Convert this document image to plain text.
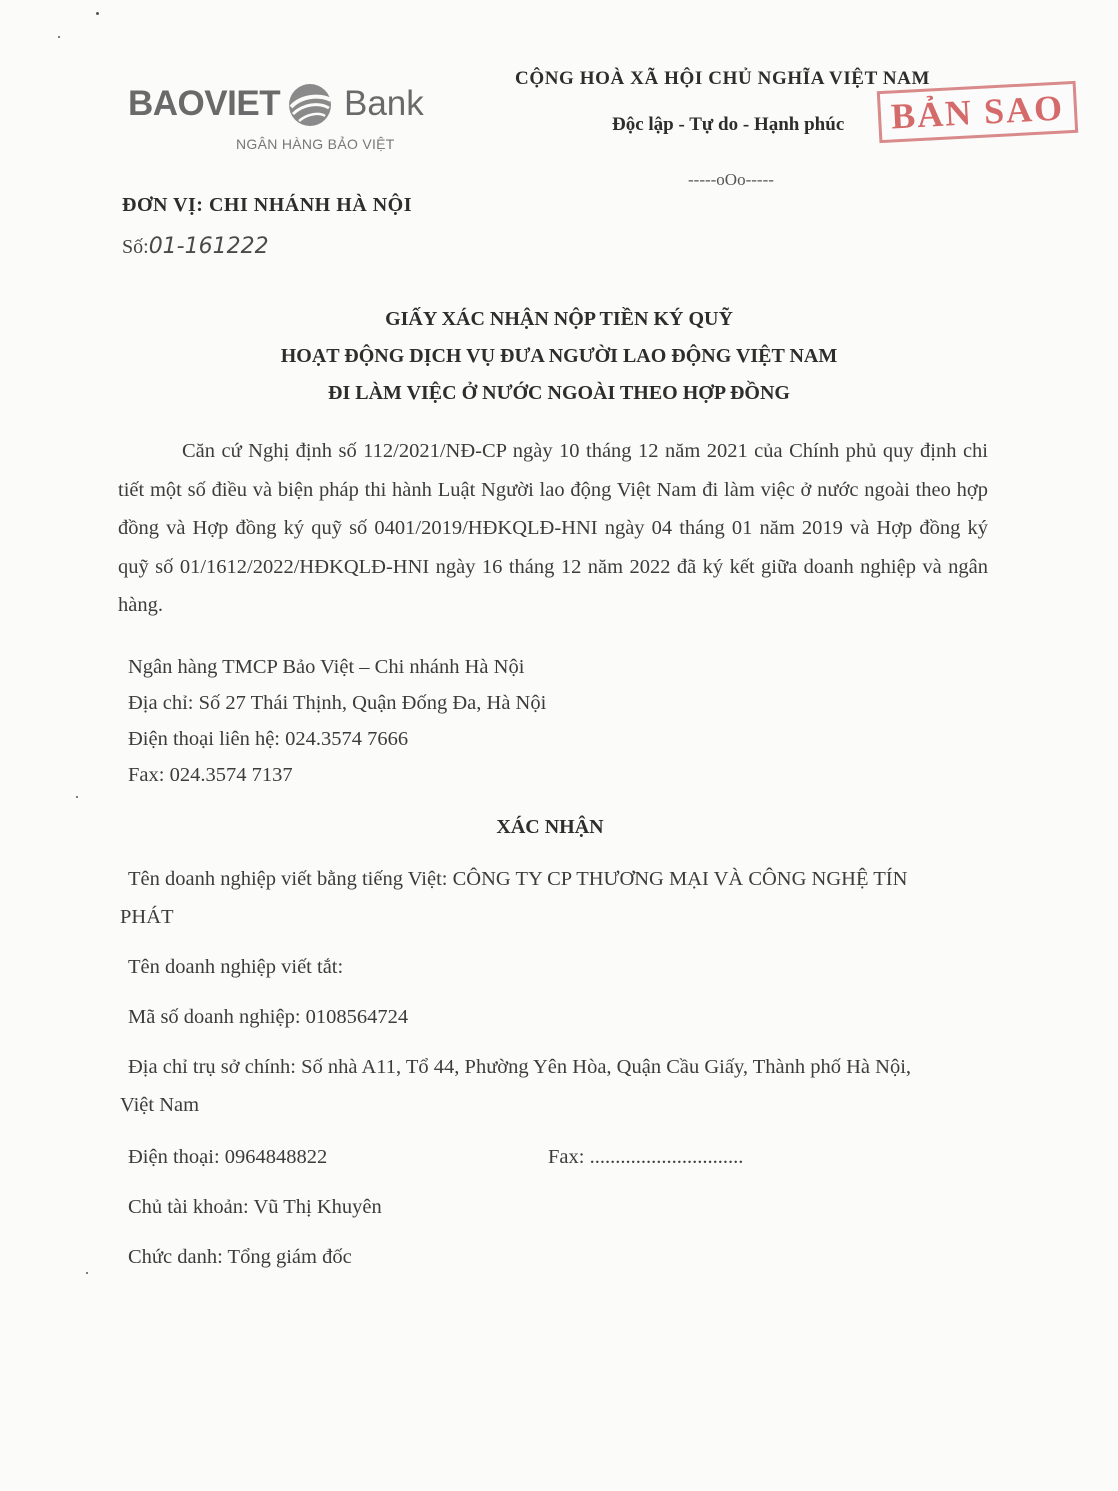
BAOVIET Bank
NGÂN HÀNG BẢO VIỆT
CỘNG HOÀ XÃ HỘI CHỦ NGHĨA VIỆT NAM
Độc lập - Tự do - Hạnh phúc
-----oOo-----
BẢN SAO
ĐƠN VỊ: CHI NHÁNH HÀ NỘI
Số:01-161222
GIẤY XÁC NHẬN NỘP TIỀN KÝ QUỸ
HOẠT ĐỘNG DỊCH VỤ ĐƯA NGƯỜI LAO ĐỘNG VIỆT NAM
ĐI LÀM VIỆC Ở NƯỚC NGOÀI THEO HỢP ĐỒNG
Căn cứ Nghị định số 112/2021/NĐ-CP ngày 10 tháng 12 năm 2021 của Chính phủ quy định chi tiết một số điều và biện pháp thi hành Luật Người lao động Việt Nam đi làm việc ở nước ngoài theo hợp đồng và Hợp đồng ký quỹ số 0401/2019/HĐKQLĐ-HNI ngày 04 tháng 01 năm 2019 và Hợp đồng ký quỹ số 01/1612/2022/HĐKQLĐ-HNI ngày 16 tháng 12 năm 2022 đã ký kết giữa doanh nghiệp và ngân hàng.
Ngân hàng TMCP Bảo Việt – Chi nhánh Hà Nội
Địa chỉ: Số 27 Thái Thịnh, Quận Đống Đa, Hà Nội
Điện thoại liên hệ: 024.3574 7666
Fax: 024.3574 7137
XÁC NHẬN
Tên doanh nghiệp viết bằng tiếng Việt: CÔNG TY CP THƯƠNG MẠI VÀ CÔNG NGHỆ TÍN
PHÁT
Tên doanh nghiệp viết tắt:
Mã số doanh nghiệp: 0108564724
Địa chỉ trụ sở chính: Số nhà A11, Tổ 44, Phường Yên Hòa, Quận Cầu Giấy, Thành phố Hà Nội,
Việt Nam
Điện thoại: 0964848822	Fax: ..............................
Chủ tài khoản: Vũ Thị Khuyên
Chức danh: Tổng giám đốc
